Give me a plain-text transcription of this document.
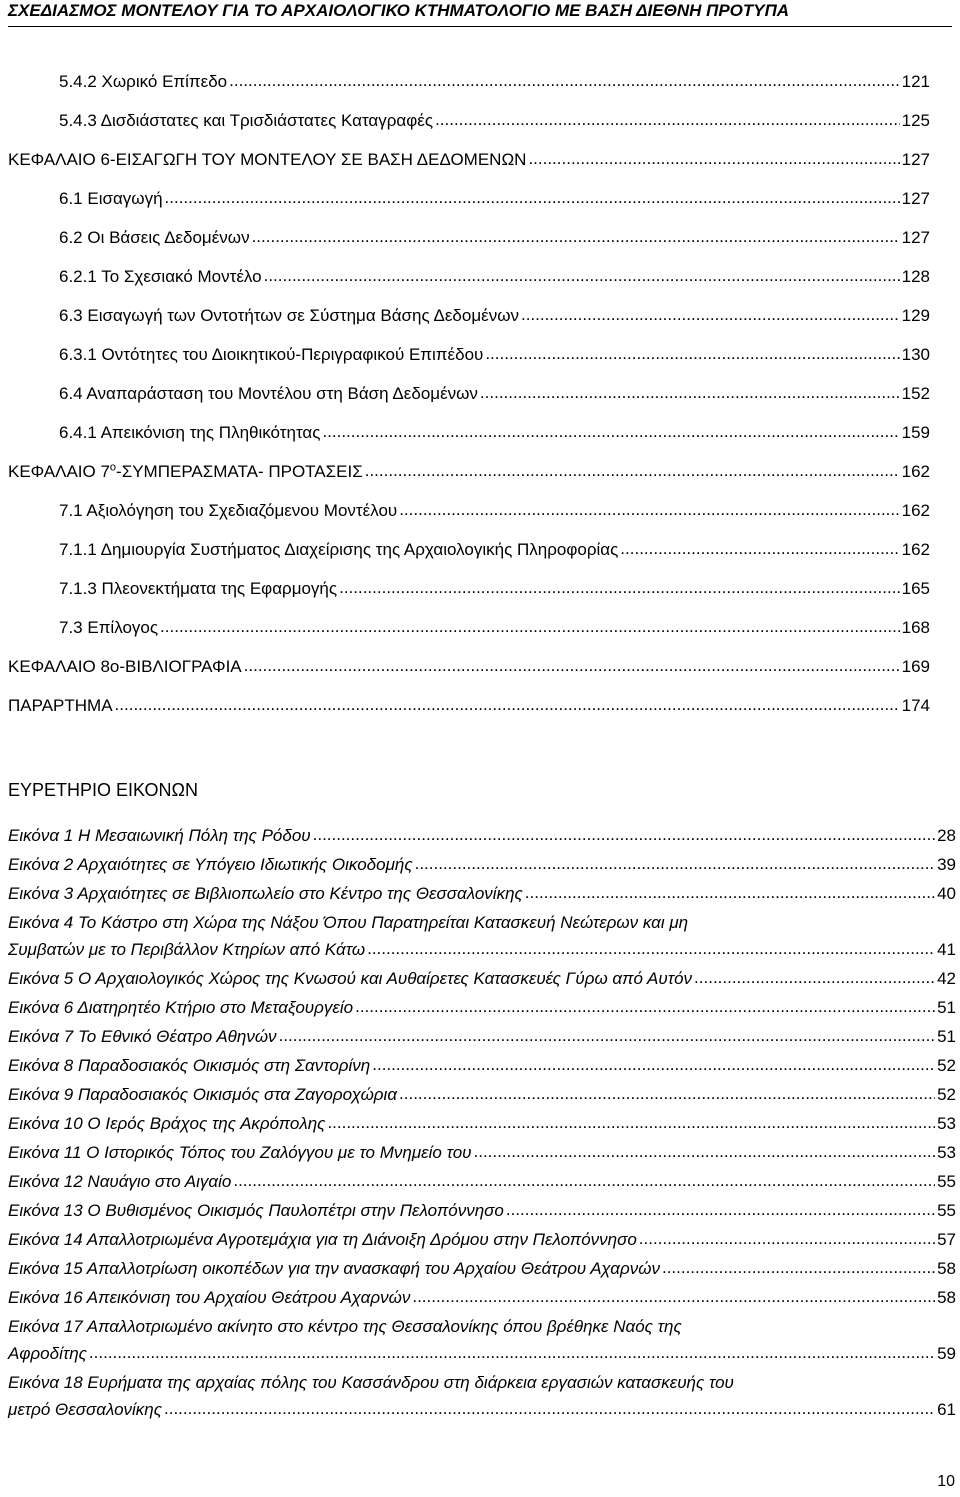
ΣΧΕΔΙΑΣΜΟΣ ΜΟΝΤΕΛΟΥ ΓΙΑ ΤΟ ΑΡΧΑΙΟΛΟΓΙΚΟ ΚΤΗΜΑΤΟΛΟΓΙΟ ΜΕ ΒΑΣΗ ΔΙΕΘΝΗ ΠΡΟΤΥΠΑ
5.4.2 Χωρικό Επίπεδο .....	121
5.4.3 Δισδιάστατες και Τρισδιάστατες Καταγραφές .....	125
ΚΕΦΑΛΑΙΟ 6-ΕΙΣΑΓΩΓΗ ΤΟΥ ΜΟΝΤΕΛΟΥ ΣΕ ΒΑΣΗ ΔΕΔΟΜΕΝΩΝ .....	127
6.1 Εισαγωγή .....	127
6.2 Οι Βάσεις Δεδομένων .....	127
6.2.1 Το Σχεσιακό Μοντέλο .....	128
6.3 Εισαγωγή των Οντοτήτων σε Σύστημα Βάσης Δεδομένων .....	129
6.3.1 Οντότητες του Διοικητικού-Περιγραφικού Επιπέδου .....	130
6.4 Αναπαράσταση του Μοντέλου στη Βάση Δεδομένων .....	152
6.4.1 Απεικόνιση της Πληθικότητας .....	159
ΚΕΦΑΛΑΙΟ $7^o-\Sigma\Upsilon M\Pi EPA\Sigma MATA-$ ΠΡΟΤΑΣΕΙΣ .....	162
7.1 Αξιολόγηση του Σχεδιαζόμενου Μοντέλου .....	162
7.1.1 Δημιουργία Συστήματος Διαχείρισης της Αρχαιολογικής Πληροφορίας .....	162
7.1.3 Πλεονεκτήματα της Εφαρμογής .....	165
7.3 Επίλογος .....	168
ΚΕΦΑΛΑΙΟ 8ο-ΒΙΒΛΙΟΓΡΑΦΙΑ .....	169
ΠΑΡΑΡΤΗΜΑ .....	174
ΕΥΡΕΤΗΡΙΟ ΕΙΚΟΝΩΝ
Εικόνα 1 Η Μεσαιωνική Πόλη της Ρόδου .....	28
Εικόνα 2 Αρχαιότητες σε Υπόγειο Ιδιωτικής Οικοδομής .....	39
Εικόνα 3 Αρχαιότητες σε Βιβλιοπωλείο στο Κέντρο της Θεσσαλονίκης .....	40
Εικόνα 4 Το Κάστρο στη Χώρα της Νάξου Όπου Παρατηρείται Κατασκευή Νεώτερων και μη
Συμβατών με το Περιβάλλον Κτηρίων από Κάτω .....	41
Εικόνα 5 Ο Αρχαιολογικός Χώρος της Κνωσού και Αυθαίρετες Κατασκευές Γύρω από Αυτόν .....	42
Εικόνα 6 Διατηρητέο Κτήριο στο Μεταξουργείο .....	51
Εικόνα 7 Το Εθνικό Θέατρο Αθηνών .....	51
Εικόνα 8 Παραδοσιακός Οικισμός στη Σαντορίνη .....	52
Εικόνα 9 Παραδοσιακός Οικισμός στα Ζαγοροχώρια .....	52
Εικόνα 10 Ο Ιερός Βράχος της Ακρόπολης .....	53
Εικόνα 11 Ο Ιστορικός Τόπος του Ζαλόγγου με το Μνημείο του .....	53
Εικόνα 12 Ναυάγιο στο Αιγαίο .....	55
Εικόνα 13 Ο Βυθισμένος Οικισμός Παυλοπέτρι στην Πελοπόννησο .....	55
Εικόνα 14 Απαλλοτριωμένα Αγροτεμάχια για τη Διάνοιξη Δρόμου στην Πελοπόννησο .....	57
Εικόνα 15 Απαλλοτρίωση οικοπέδων για την ανασκαφή του Αρχαίου Θεάτρου Αχαρνών .....	58
Εικόνα 16 Απεικόνιση του Αρχαίου Θεάτρου Αχαρνών .....	58
Εικόνα 17 Απαλλοτριωμένο ακίνητο στο κέντρο της Θεσσαλονίκης όπου βρέθηκε Ναός της
Αφροδίτης .....	59
Εικόνα 18 Ευρήματα της αρχαίας πόλης του Κασσάνδρου στη διάρκεια εργασιών κατασκευής του
μετρό Θεσσαλονίκης .....	61
10
